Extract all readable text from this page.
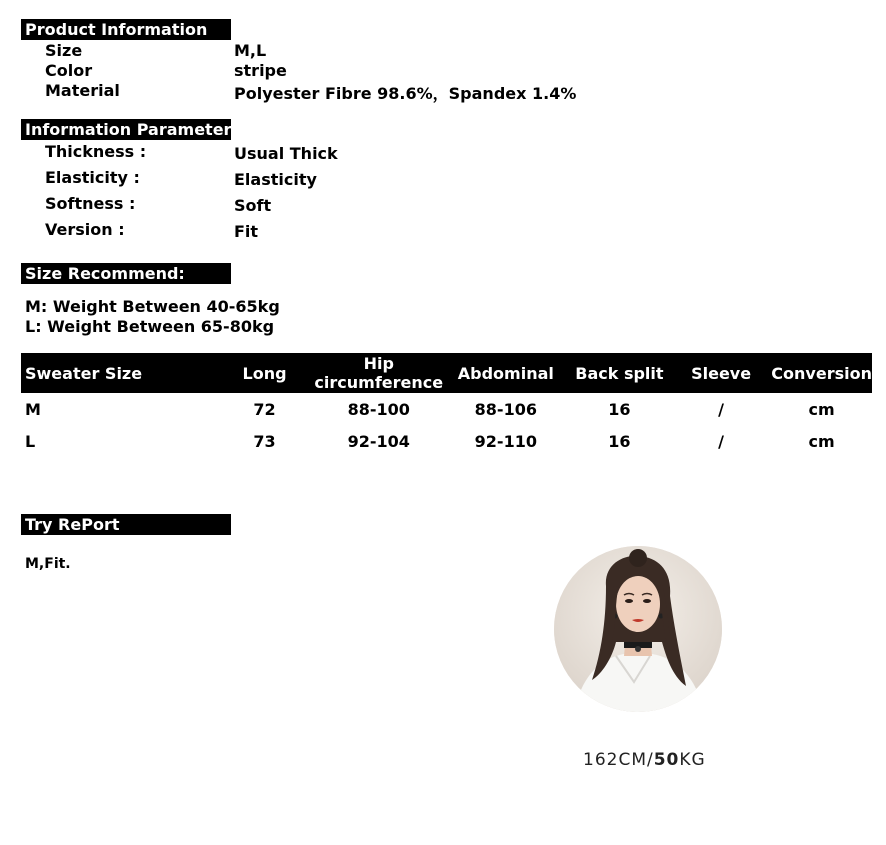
Product Information
Size	M,L
Color	stripe
Material	Polyester Fibre 98.6%，Spandex 1.4%
Information Parameter
Thickness :	Usual Thick
Elasticity :	Elasticity
Softness :	Soft
Version :	Fit
Size Recommend:
M: Weight Between 40-65kg
L: Weight Between 65-80kg
Sweater Size	Long	Hip circumference	Abdominal	Back split	Sleeve	Conversion
M	72	88-100	88-106	16	/	cm
L	73	92-104	92-110	16	/	cm
Try RePort
M,Fit.
162CM/50KG
